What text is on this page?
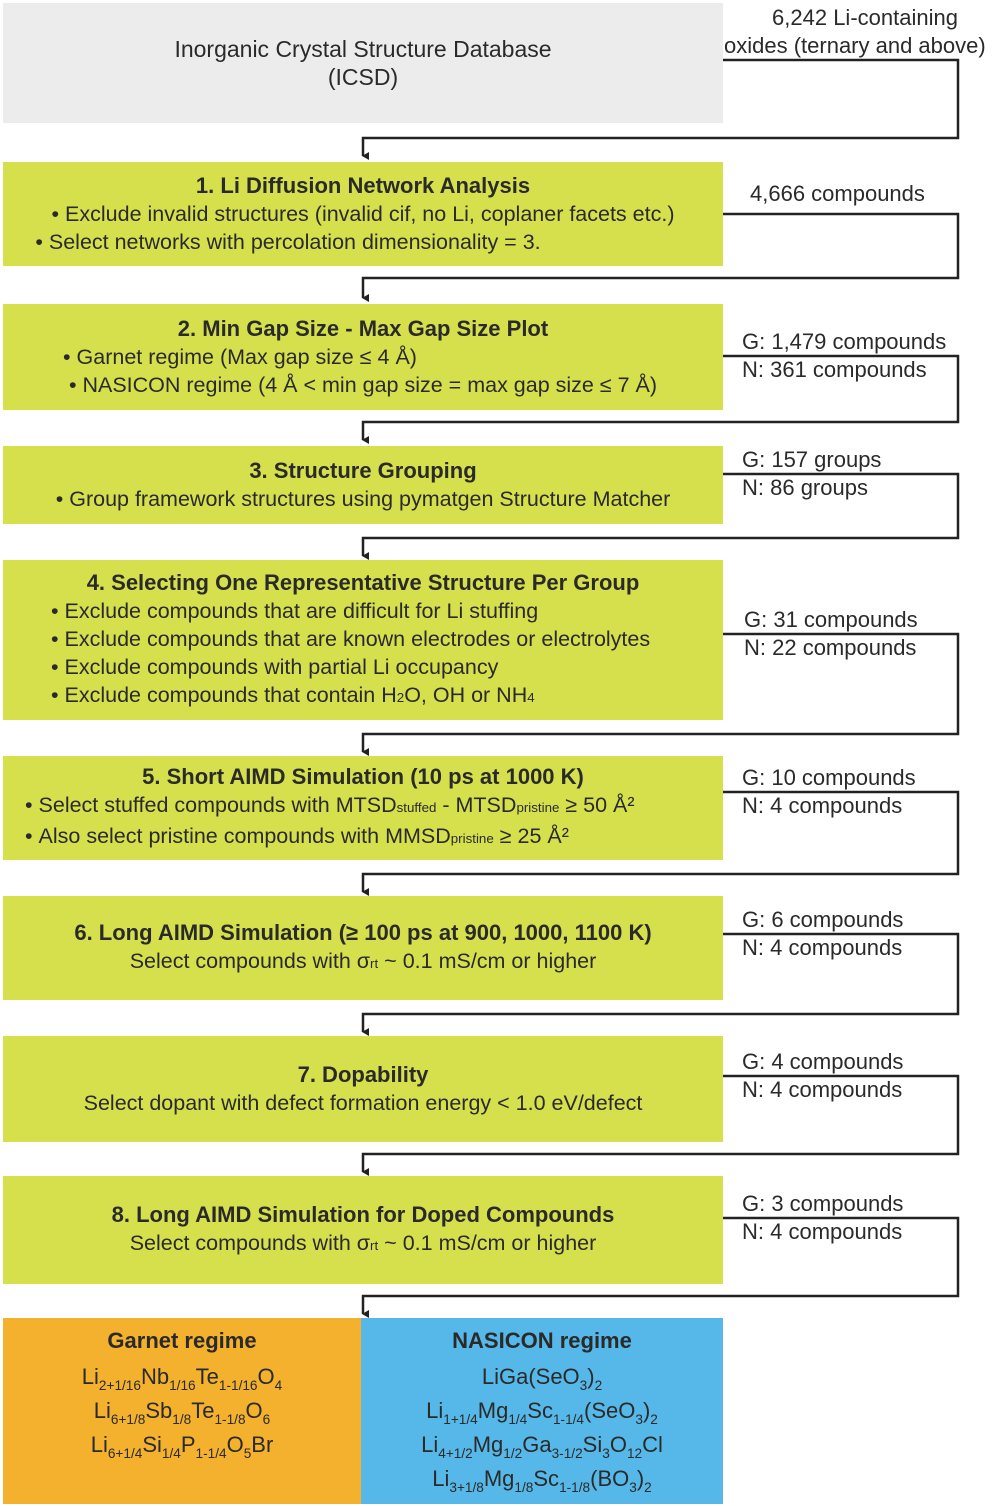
Inorganic Crystal Structure Database
(ICSD)
6,242 Li-containing
oxides (ternary and above)
1. Li Diffusion Network Analysis
• Exclude invalid structures (invalid cif, no Li, coplaner facets etc.)
• Select networks with percolation dimensionality = 3.
4,666 compounds
2. Min Gap Size - Max Gap Size Plot
• Garnet regime (Max gap size ≤ 4 Å)
• NASICON regime (4 Å < min gap size = max gap size ≤ 7 Å)
G: 1,479 compounds
N: 361 compounds
3. Structure Grouping
• Group framework structures using pymatgen Structure Matcher
G: 157 groups
N: 86 groups
4. Selecting One Representative Structure Per Group
• Exclude compounds that are difficult for Li stuffing
• Exclude compounds that are known electrodes or electrolytes
• Exclude compounds with partial Li occupancy
• Exclude compounds that contain H2O, OH or NH4
G: 31 compounds
N: 22 compounds
5. Short AIMD Simulation (10 ps at 1000 K)
• Select stuffed compounds with MTSDstuffed - MTSDpristine ≥ 50 Å²
• Also select pristine compounds with MMSDpristine ≥ 25 Å²
G: 10 compounds
N: 4 compounds
6. Long AIMD Simulation (≥ 100 ps at 900, 1000, 1100 K)
Select compounds with σrt ~ 0.1 mS/cm or higher
G: 6 compounds
N: 4 compounds
7. Dopability
Select dopant with defect formation energy < 1.0 eV/defect
G: 4 compounds
N: 4 compounds
8. Long AIMD Simulation for Doped Compounds
Select compounds with σrt ~ 0.1 mS/cm or higher
G: 3 compounds
N: 4 compounds
Garnet regime
$Li_{2+1/16}Nb_{1/16}Te_{1-1/16}O_4$
$Li_{6+1/8}Sb_{1/8}Te_{1-1/8}O_6$
$Li_{6+1/4}Si_{1/4}P_{1-1/4}O_5Br$
NASICON regime
$LiGa(SeO_3)_2$
$Li_{1+1/4}Mg_{1/4}Sc_{1-1/4}(SeO_3)_2$
$Li_{4+1/2}Mg_{1/2}Ga_{3-1/2}Si_3O_{12}Cl$
$Li_{3+1/8}Mg_{1/8}Sc_{1-1/8}(BO_3)_2$
